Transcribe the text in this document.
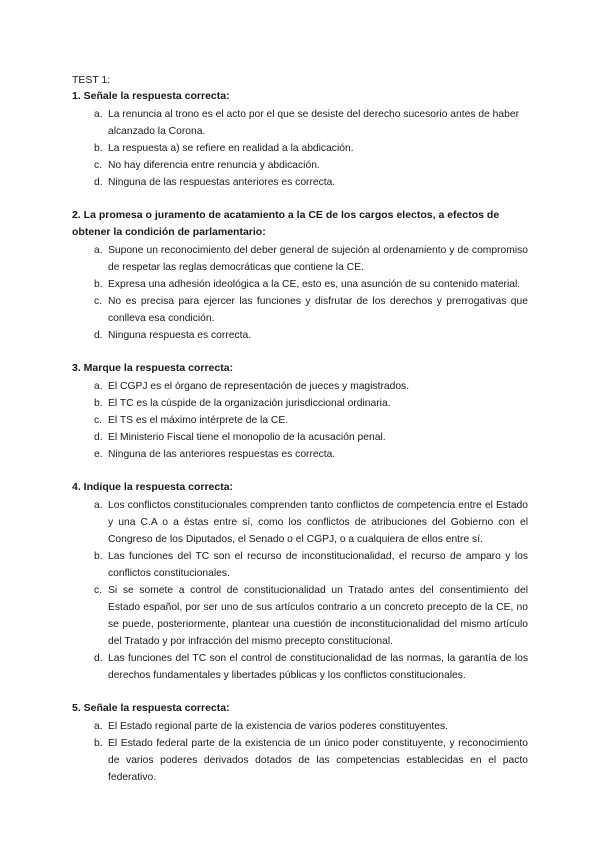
TEST 1:

1. Señale la respuesta correcta:
a. La renuncia al trono es el acto por el que se desiste del derecho sucesorio antes de haber alcanzado la Corona.
b. La respuesta a) se refiere en realidad a la abdicación.
c. No hay diferencia entre renuncia y abdicación.
d. Ninguna de las respuestas anteriores es correcta.
2. La promesa o juramento de acatamiento a la CE de los cargos electos, a efectos de obtener la condición de parlamentario:
a. Supone un reconocimiento del deber general de sujeción al ordenamiento y de compromiso de respetar las reglas democráticas que contiene la CE.
b. Expresa una adhesión ideológica a la CE, esto es, una asunción de su contenido material.
c. No es precisa para ejercer las funciones y disfrutar de los derechos y prerrogativas que conlleva esa condición.
d. Ninguna respuesta es correcta.
3. Marque la respuesta correcta:
a. El CGPJ es el órgano de representación de jueces y magistrados.
b. El TC es la cúspide de la organización jurisdiccional ordinaria.
c. El TS es el máximo intérprete de la CE.
d. El Ministerio Fiscal tiene el monopolio de la acusación penal.
e. Ninguna de las anteriores respuestas es correcta.
4. Indique la respuesta correcta:
a. Los conflictos constitucionales comprenden tanto conflictos de competencia entre el Estado y una C.A o a éstas entre sí, como los conflictos de atribuciones del Gobierno con el Congreso de los Diputados, el Senado o el CGPJ, o a cualquiera de ellos entre sí.
b. Las funciones del TC son el recurso de inconstitucionalidad, el recurso de amparo y los conflictos constitucionales.
c. Si se somete a control de constitucionalidad un Tratado antes del consentimiento del Estado español, por ser uno de sus artículos contrario a un concreto precepto de la CE, no se puede, posteriormente, plantear una cuestión de inconstitucionalidad del mismo artículo del Tratado y por infracción del mismo precepto constitucional.
d. Las funciones del TC son el control de constitucionalidad de las normas, la garantía de los derechos fundamentales y libertades públicas y los conflictos constitucionales.
5. Señale la respuesta correcta:
a. El Estado regional parte de la existencia de varios poderes constituyentes.
b. El Estado federal parte de la existencia de un único poder constituyente, y reconocimiento de varios poderes derivados dotados de las competencias establecidas en el pacto federativo.
